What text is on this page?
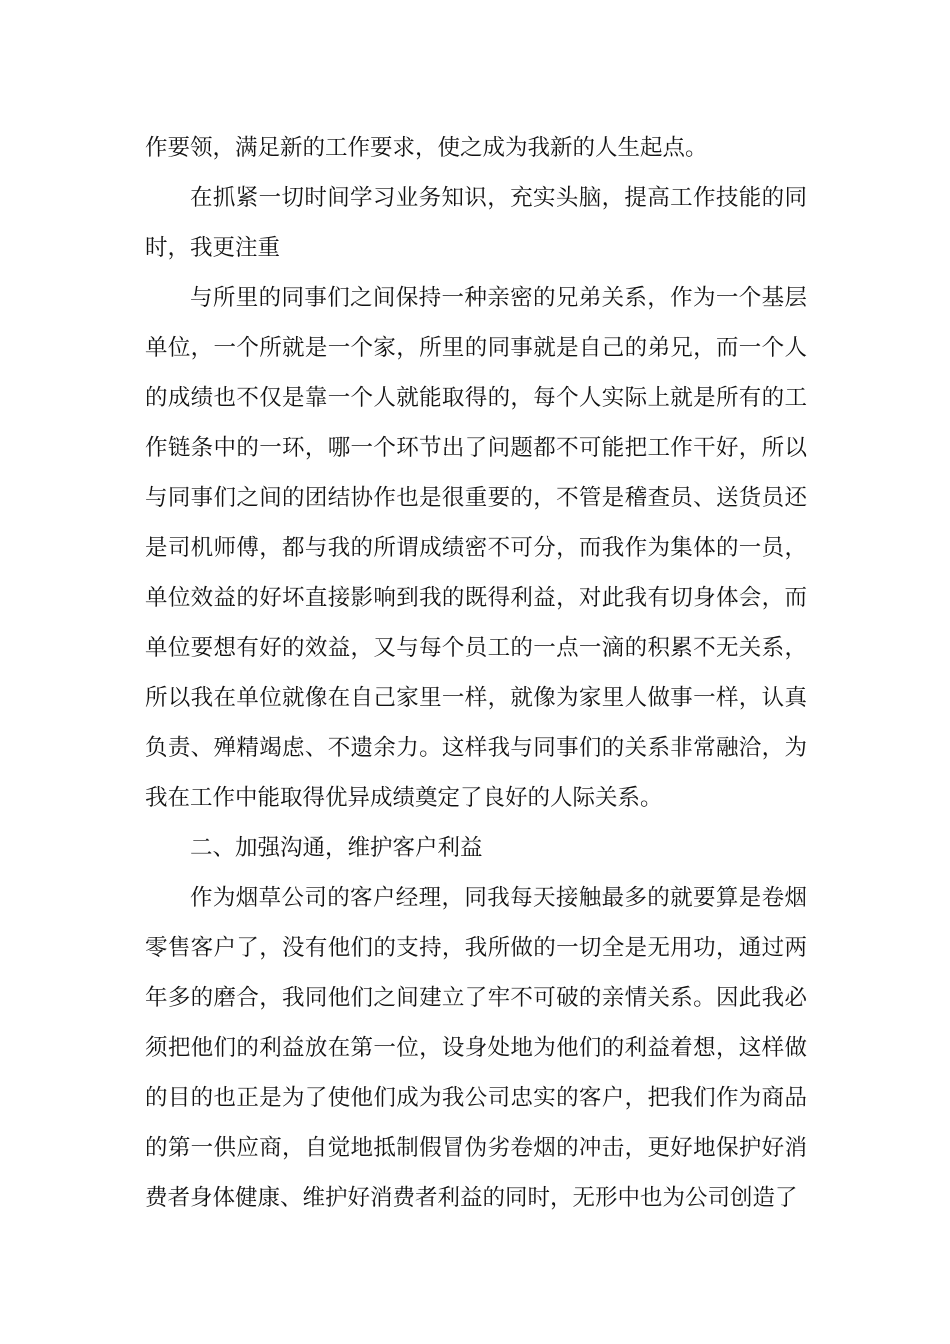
作要领，满足新的工作要求，使之成为我新的人生起点。

在抓紧一切时间学习业务知识，充实头脑，提高工作技能的同时，我更注重

与所里的同事们之间保持一种亲密的兄弟关系，作为一个基层单位，一个所就是一个家，所里的同事就是自己的弟兄，而一个人的成绩也不仅是靠一个人就能取得的，每个人实际上就是所有的工作链条中的一环，哪一个环节出了问题都不可能把工作干好，所以与同事们之间的团结协作也是很重要的，不管是稽查员、送货员还是司机师傅，都与我的所谓成绩密不可分，而我作为集体的一员，单位效益的好坏直接影响到我的既得利益，对此我有切身体会，而单位要想有好的效益，又与每个员工的一点一滴的积累不无关系，所以我在单位就像在自己家里一样，就像为家里人做事一样，认真负责、殚精竭虑、不遗余力。这样我与同事们的关系非常融洽，为我在工作中能取得优异成绩奠定了良好的人际关系。

二、加强沟通，维护客户利益

作为烟草公司的客户经理，同我每天接触最多的就要算是卷烟零售客户了，没有他们的支持，我所做的一切全是无用功，通过两年多的磨合，我同他们之间建立了牢不可破的亲情关系。因此我必须把他们的利益放在第一位，设身处地为他们的利益着想，这样做的目的也正是为了使他们成为我公司忠实的客户，把我们作为商品的第一供应商，自觉地抵制假冒伪劣卷烟的冲击，更好地保护好消费者身体健康、维护好消费者利益的同时，无形中也为公司创造了
